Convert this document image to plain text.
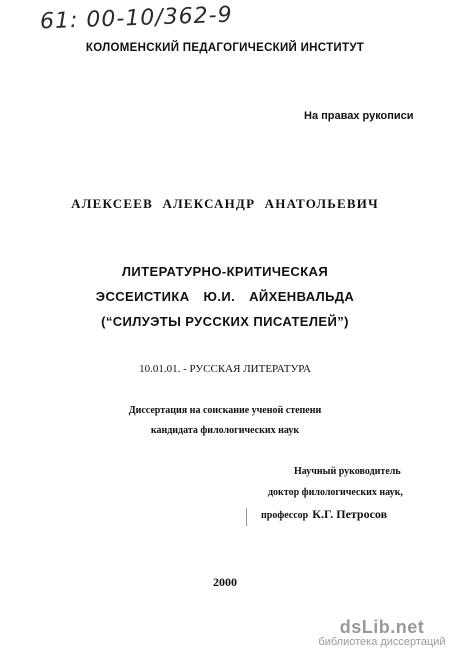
61: 00-10/362-9
КОЛОМЕНСКИЙ ПЕДАГОГИЧЕСКИЙ ИНСТИТУТ
На правах рукописи
АЛЕКСЕЕВ АЛЕКСАНДР АНАТОЛЬЕВИЧ
ЛИТЕРАТУРНО-КРИТИЧЕСКАЯ
ЭССЕИСТИКА Ю.И. АЙХЕНВАЛЬДА
(“СИЛУЭТЫ РУССКИХ ПИСАТЕЛЕЙ”)
10.01.01. - РУССКАЯ ЛИТЕРАТУРА
Диссертация на соискание ученой степени
кандидата филологических наук
Научный руководитель
доктор филологических наук,
профессор К.Г. Петросов
2000
dsLib.net
библиотека диссертаций
